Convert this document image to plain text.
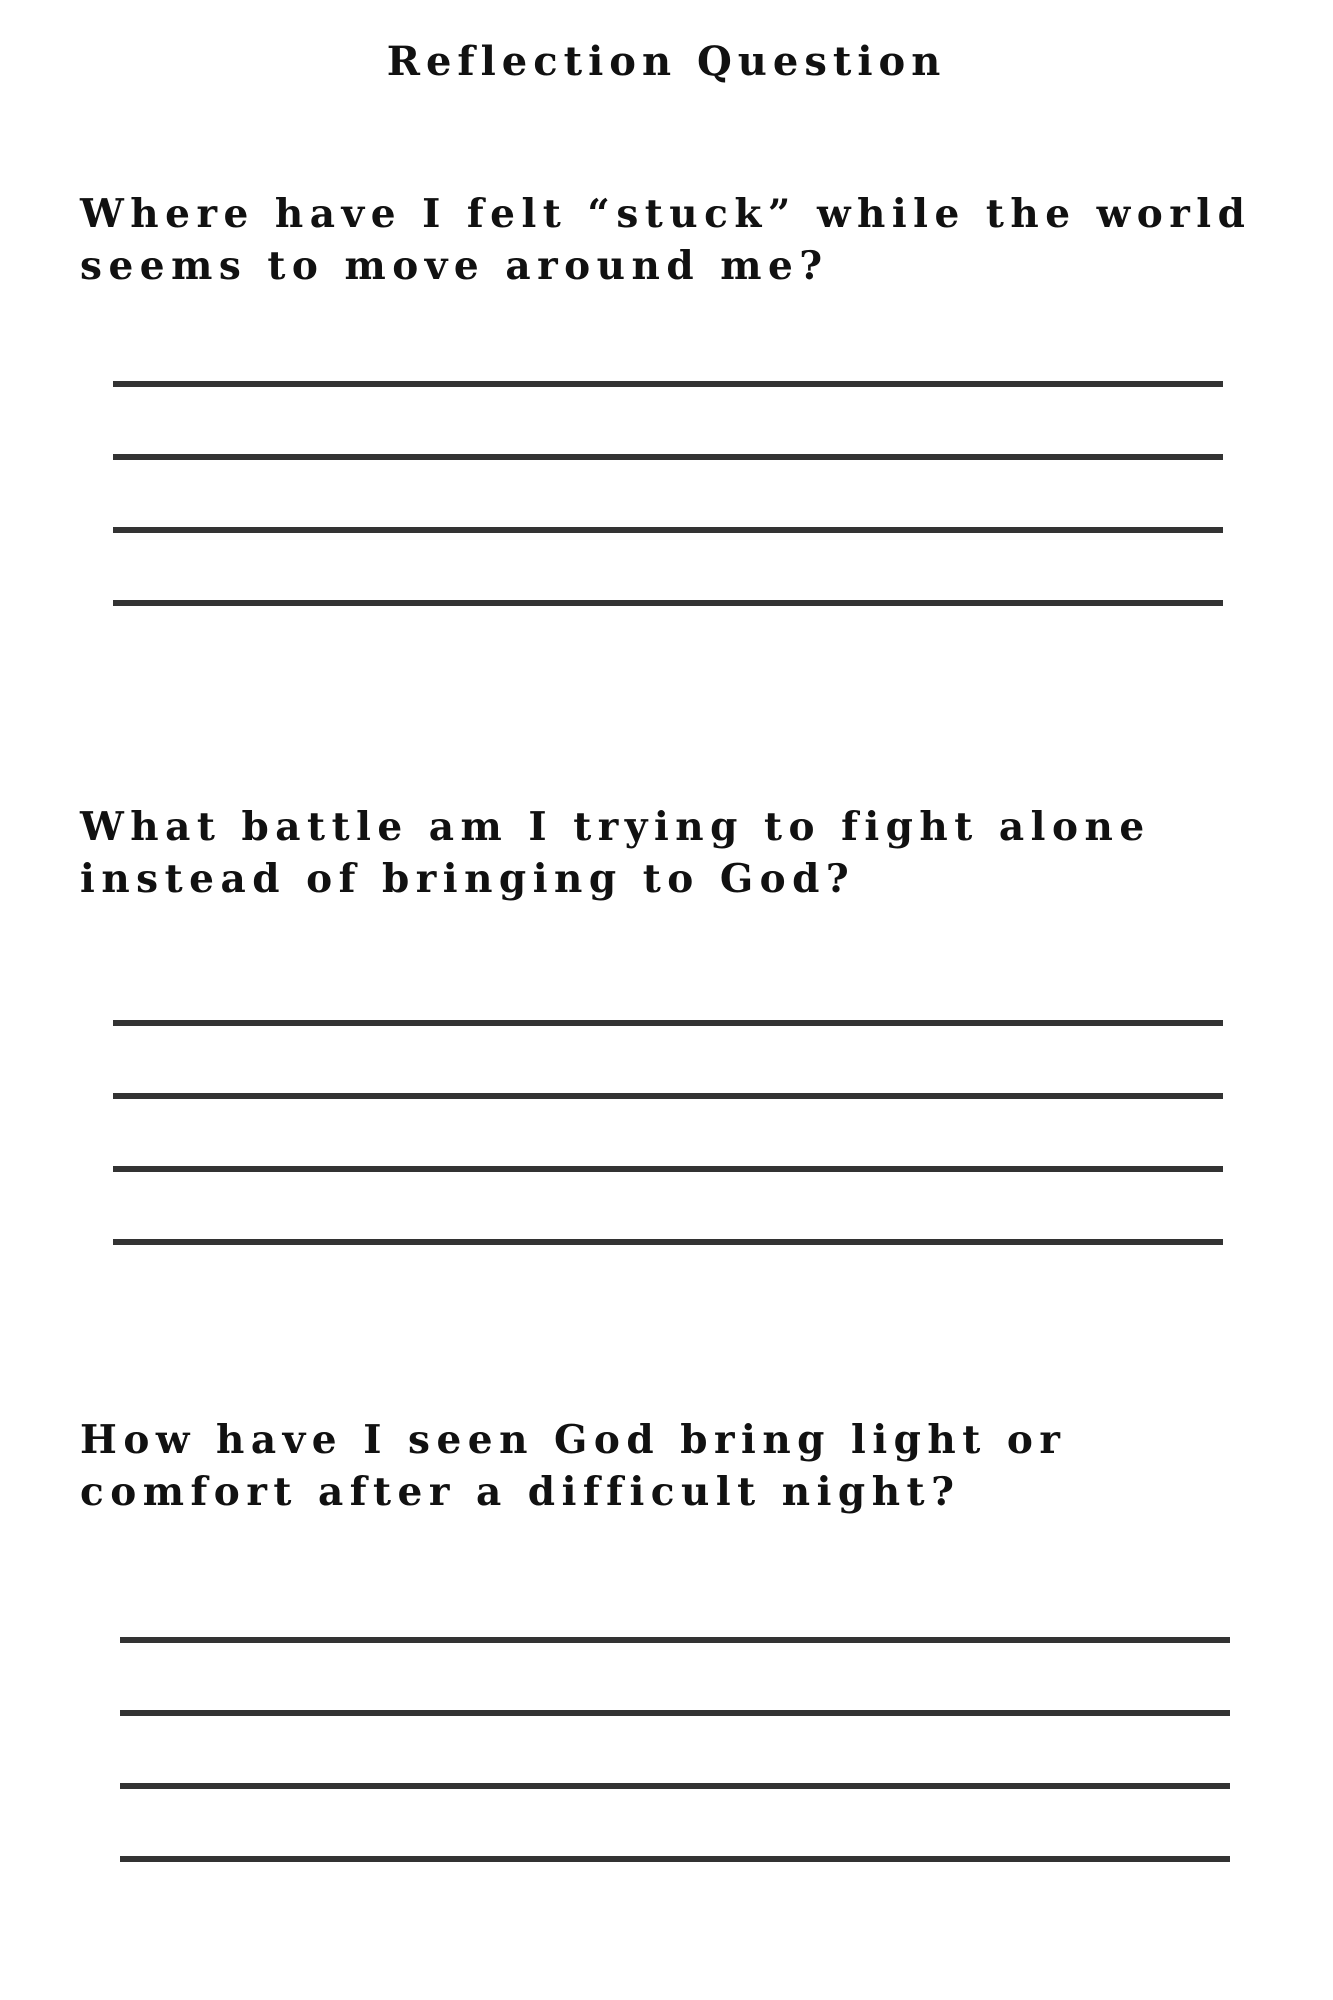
Reflection Question

Where have I felt “stuck” while the world seems to move around me?

What battle am I trying to fight alone instead of bringing to God?

How have I seen God bring light or comfort after a difficult night?
